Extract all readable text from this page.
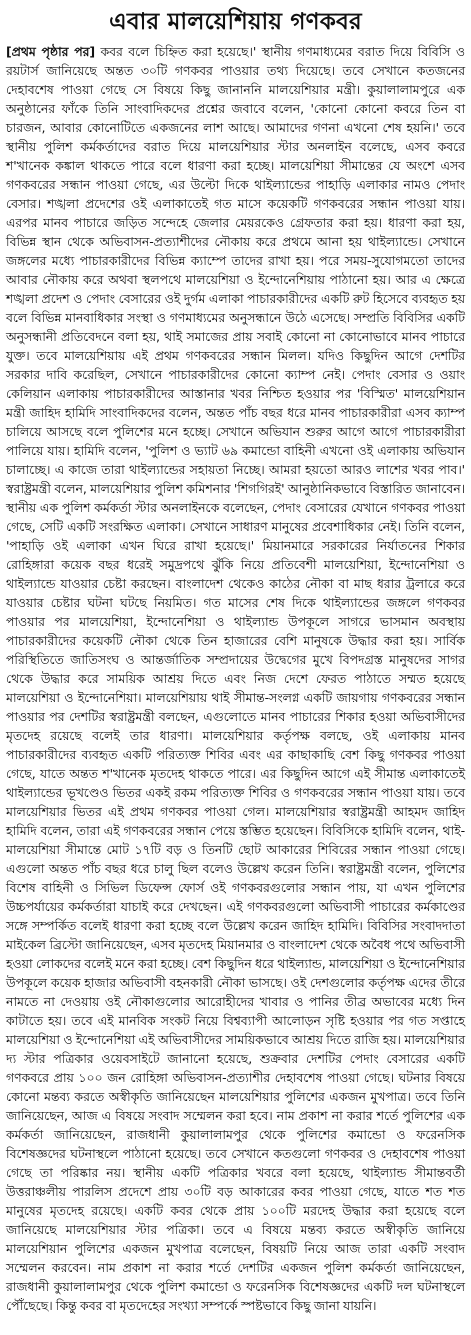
এবার মালয়েশিয়ায় গণকবর

[প্রথম পৃষ্ঠার পর] কবর বলে চিহ্নিত করা হয়েছে।' স্থানীয় গণমাধ্যমের বরাত দিয়ে বিবিসি ও রয়টার্স জানিয়েছে অন্তত ৩০টি গণকবর পাওয়ার তথ্য দিয়েছে। তবে সেখানে কতজনের দেহাবশেষ পাওয়া গেছে সে বিষয়ে কিছু জানাননি মালয়েশিয়ার মন্ত্রী। কুয়ালালামপুরে এক অনুষ্ঠানের ফাঁকে তিনি সাংবাদিকদের প্রশ্নের জবাবে বলেন, 'কোনো কোনো কবরে তিন বা চারজন, আবার কোনোটিতে একজনের লাশ আছে। আমাদের গণনা এখনো শেষ হয়নি।' তবে স্থানীয় পুলিশ কর্মকর্তাদের বরাত দিয়ে মালয়েশিয়ার স্টার অনলাইন বলেছে, এসব কবরে শ'খানেক কঙ্কাল থাকতে পারে বলে ধারণা করা হচ্ছে। মালয়েশিয়া সীমান্তের যে অংশে এসব গণকবরের সন্ধান পাওয়া গেছে, এর উল্টো দিকে থাইল্যান্ডের পাহাড়ি এলাকার নামও পেদাং বেসার। শঙ্খলা প্রদেশের ওই এলাকাতেই গত মাসে কয়েকটি গণকবরের সন্ধান পাওয়া যায়। এরপর মানব পাচারে জড়িত সন্দেহে জেলার মেয়রকেও গ্রেফতার করা হয়। ধারণা করা হয়, বিভিন্ন স্থান থেকে অভিবাসন-প্রত্যাশীদের নৌকায় করে প্রথমে আনা হয় থাইল্যান্ডে। সেখানে জঙ্গলের মধ্যে পাচারকারীদের বিভিন্ন ক্যাম্পে তাদের রাখা হয়। পরে সময়-সুযোগমতো তাদের আবার নৌকায় করে অথবা স্থলপথে মালয়েশিয়া ও ইন্দোনেশিয়ায় পাঠানো হয়। আর এ ক্ষেত্রে শঙ্খলা প্রদেশ ও পেদাং বেসারের ওই দুর্গম এলাকা পাচারকারীদের একটি রুট হিসেবে ব্যবহৃত হয় বলে বিভিন্ন মানবাধিকার সংস্থা ও গণমাধ্যমের অনুসন্ধানে উঠে এসেছে। সম্প্রতি বিবিসির একটি অনুসন্ধানী প্রতিবেদনে বলা হয়, থাই সমাজের প্রায় সবাই কোনো না কোনোভাবে মানব পাচারে যুক্ত। তবে মালয়েশিয়ায় এই প্রথম গণকবরের সন্ধান মিলল। যদিও কিছুদিন আগে দেশটির সরকার দাবি করেছিল, সেখানে পাচারকারীদের কোনো ক্যাম্প নেই। পেদাং বেসার ও ওয়াং কেলিয়ান এলাকায় পাচারকারীদের আস্তানার খবর নিশ্চিত হওয়ার পর 'বিস্মিত' মালয়েশিয়ান মন্ত্রী জাহিদ হামিদি সাংবাদিকদের বলেন, অন্তত পাঁচ বছর ধরে মানব পাচারকারীরা এসব ক্যাম্প চালিয়ে আসছে বলে পুলিশের মনে হচ্ছে। সেখানে অভিযান শুরুর আগে আগে পাচারকারীরা পালিয়ে যায়। হামিদি বলেন, 'পুলিশ ও ভ্যাট ৬৯ কমান্ডো বাহিনী এখনো ওই এলাকায় অভিযান চালাচ্ছে। এ কাজে তারা থাইল্যান্ডের সহায়তা নিচ্ছে। আমরা হয়তো আরও লাশের খবর পাব।' স্বরাষ্ট্রমন্ত্রী বলেন, মালয়েশিয়ার পুলিশ কমিশনার 'শিগগিরই' আনুষ্ঠানিকভাবে বিস্তারিত জানাবেন। স্থানীয় এক পুলিশ কর্মকর্তা স্টার অনলাইনকে বলেছেন, পেদাং বেসারের যেখানে গণকবর পাওয়া গেছে, সেটি একটি সংরক্ষিত এলাকা। সেখানে সাধারণ মানুষের প্রবেশাধিকার নেই। তিনি বলেন, 'পাহাড়ি ওই এলাকা এখন ঘিরে রাখা হয়েছে।' মিয়ানমারে সরকারের নির্যাতনের শিকার রোহিঙ্গারা কয়েক বছর ধরেই সমুদ্রপথে ঝুঁকি নিয়ে প্রতিবেশী মালয়েশিয়া, ইন্দোনেশিয়া ও থাইল্যান্ডে যাওয়ার চেষ্টা করছেন। বাংলাদেশ থেকেও কাঠের নৌকা বা মাছ ধরার ট্রলারে করে যাওয়ার চেষ্টার ঘটনা ঘটছে নিয়মিত। গত মাসের শেষ দিকে থাইল্যান্ডের জঙ্গলে গণকবর পাওয়ার পর মালয়েশিয়া, ইন্দোনেশিয়া ও থাইল্যান্ড উপকূলে সাগরে ভাসমান অবস্থায় পাচারকারীদের কয়েকটি নৌকা থেকে তিন হাজারের বেশি মানুষকে উদ্ধার করা হয়। সার্বিক পরিস্থিতিতে জাতিসংঘ ও আন্তর্জাতিক সম্প্রদায়ের উদ্বেগের মুখে বিপদগ্রস্ত মানুষদের সাগর থেকে উদ্ধার করে সাময়িক আশ্রয় দিতে এবং নিজ দেশে ফেরত পাঠাতে সম্মত হয়েছে মালয়েশিয়া ও ইন্দোনেশিয়া। মালয়েশিয়ায় থাই সীমান্ত-সংলগ্ন একটি জায়গায় গণকবরের সন্ধান পাওয়ার পর দেশটির স্বরাষ্ট্রমন্ত্রী বলছেন, এগুলোতে মানব পাচারের শিকার হওয়া অভিবাসীদের মৃতদেহ রয়েছে বলেই তার ধারণা। মালয়েশিয়ার কর্তৃপক্ষ বলছে, ওই এলাকায় মানব পাচারকারীদের ব্যবহৃত একটি পরিত্যক্ত শিবির এবং এর কাছাকাছি বেশ কিছু গণকবর পাওয়া গেছে, যাতে অন্তত শ'খানেক মৃতদেহ থাকতে পারে। এর কিছুদিন আগে এই সীমান্ত এলাকাতেই থাইল্যান্ডের ভূখণ্ডেও ভিতর একই রকম পরিত্যক্ত শিবির ও গণকবরের সন্ধান পাওয়া যায়। তবে মালয়েশিয়ার ভিতর এই প্রথম গণকবর পাওয়া গেল। মালয়েশিয়ার স্বরাষ্ট্রমন্ত্রী আহমদ জাহিদ হামিদি বলেন, তারা এই গণকবরের সন্ধান পেয়ে স্তম্ভিত হয়েছেন। বিবিসিকে হামিদি বলেন, থাই-মালয়েশিয়া সীমান্তে মোট ১৭টি বড় ও তিনটি ছোট আকারের শিবিরের সন্ধান পাওয়া গেছে। এগুলো অন্তত পাঁচ বছর ধরে চালু ছিল বলেও উল্লেখ করেন তিনি। স্বরাষ্ট্রমন্ত্রী বলেন, পুলিশের বিশেষ বাহিনী ও সিভিল ডিফেন্স ফোর্স ওই গণকবরগুলোর সন্ধান পায়, যা এখন পুলিশের উচ্চপর্যায়ের কর্মকর্তারা যাচাই করে দেখছেন। এই গণকবরগুলো অভিবাসী পাচারের কর্মকাণ্ডের সঙ্গে সম্পর্কিত বলেই ধারণা করা হচ্ছে বলে উল্লেখ করেন জাহিদ হামিদি। বিবিসির সংবাদদাতা মাইকেল ব্রিস্টো জানিয়েছেন, এসব মৃতদেহ মিয়ানমার ও বাংলাদেশ থেকে অবৈধ পথে অভিবাসী হওয়া লোকদের বলেই মনে করা হচ্ছে। বেশ কিছুদিন ধরে থাইল্যান্ড, মালয়েশিয়া ও ইন্দোনেশিয়ার উপকূলে কয়েক হাজার অভিবাসী বহনকারী নৌকা ভাসছে। ওই দেশগুলোর কর্তৃপক্ষ এদের তীরে নামতে না দেওয়ায় ওই নৌকাগুলোর আরোহীদের খাবার ও পানির তীব্র অভাবের মধ্যে দিন কাটাতে হয়। তবে এই মানবিক সংকট নিয়ে বিশ্বব্যাপী আলোড়ন সৃষ্টি হওয়ার পর গত সপ্তাহে মালয়েশিয়া ও ইন্দোনেশিয়া এই অভিবাসীদের সাময়িকভাবে আশ্রয় দিতে রাজি হয়। মালয়েশিয়ার দ্য স্টার পত্রিকার ওয়েবসাইটে জানানো হয়েছে, শুক্রবার দেশটির পেদাং বেসারের একটি গণকবরে প্রায় ১০০ জন রোহিঙ্গা অভিবাসন-প্রত্যাশীর দেহাবশেষ পাওয়া গেছে। ঘটনার বিষয়ে কোনো মন্তব্য করতে অস্বীকৃতি জানিয়েছেন মালয়েশিয়ার পুলিশের একজন মুখপাত্র। তবে তিনি জানিয়েছেন, আজ এ বিষয়ে সংবাদ সম্মেলন করা হবে। নাম প্রকাশ না করার শর্তে পুলিশের এক কর্মকর্তা জানিয়েছেন, রাজধানী কুয়ালালামপুর থেকে পুলিশের কমান্ডো ও ফরেনসিক বিশেষজ্ঞদের ঘটনাস্থলে পাঠানো হয়েছে। তবে সেখানে কতগুলো গণকবর ও দেহাবশেষ পাওয়া গেছে তা পরিষ্কার নয়। স্থানীয় একটি পত্রিকার খবরে বলা হয়েছে, থাইল্যান্ড সীমান্তবর্তী উত্তরাঞ্চলীয় পারলিস প্রদেশে প্রায় ৩০টি বড় আকারের কবর পাওয়া গেছে, যাতে শত শত মানুষের মৃতদেহ রয়েছে। একটি কবর থেকে প্রায় ১০০টি মরদেহ উদ্ধার করা হয়েছে বলে জানিয়েছে মালয়েশিয়ার স্টার পত্রিকা। তবে এ বিষয়ে মন্তব্য করতে অস্বীকৃতি জানিয়ে মালয়েশিয়ান পুলিশের একজন মুখপাত্র বলেছেন, বিষয়টি নিয়ে আজ তারা একটি সংবাদ সম্মেলন করবেন। নাম প্রকাশ না করার শর্তে দেশটির একজন পুলিশ কর্মকর্তা জানিয়েছেন, রাজধানী কুয়ালালামপুর থেকে পুলিশ কমান্ডো ও ফরেনসিক বিশেষজ্ঞদের একটি দল ঘটনাস্থলে পৌঁছেছে। কিন্তু কবর বা মৃতদেহের সংখ্যা সম্পর্কে স্পষ্টভাবে কিছু জানা যায়নি।
